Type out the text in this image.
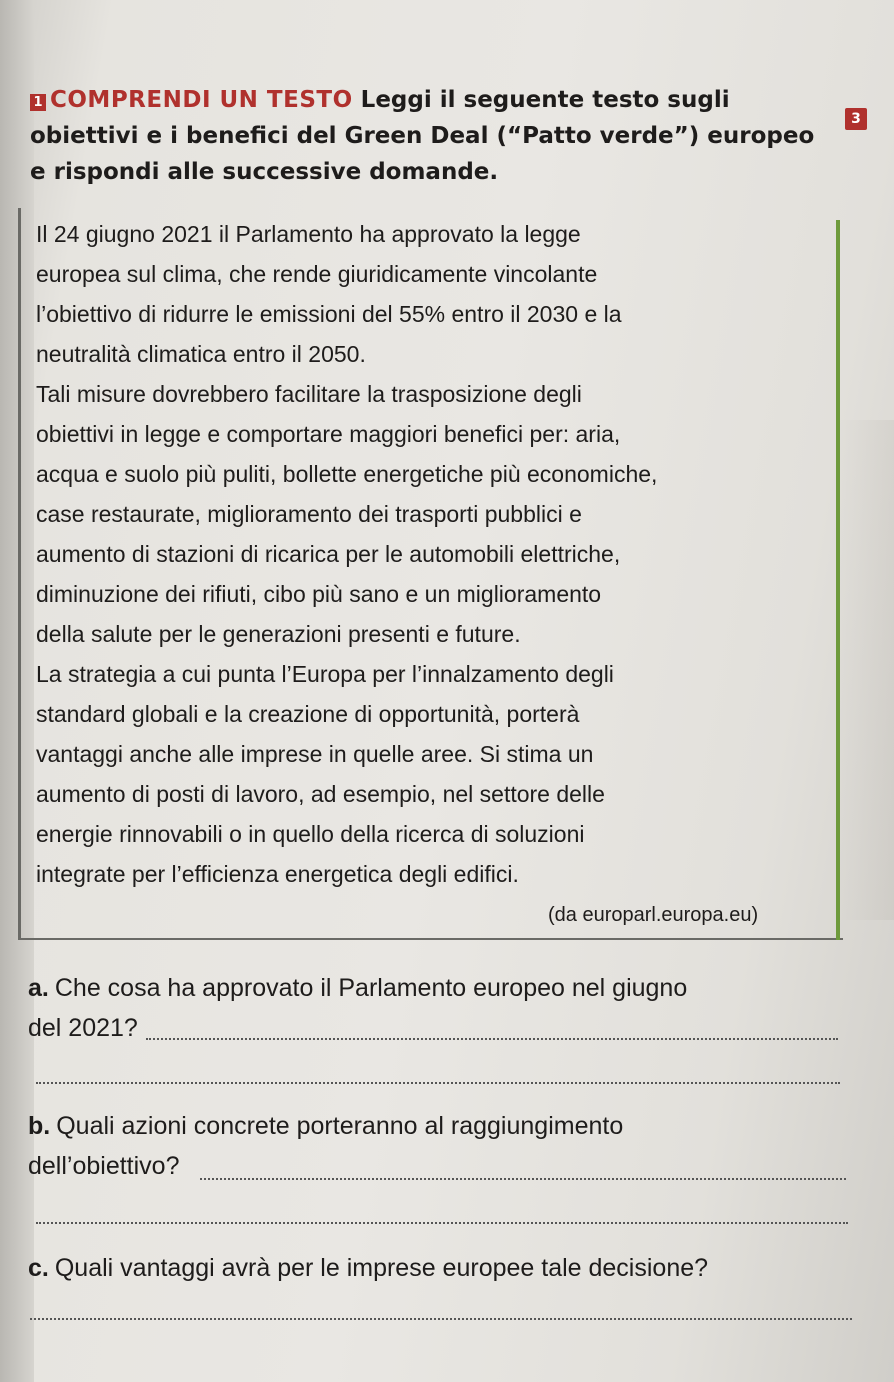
1 COMPRENDI UN TESTO Leggi il seguente testo sugli
obiettivi e i benefici del Green Deal (“Patto verde”) europeo
e rispondi alle successive domande.
3

Il 24 giugno 2021 il Parlamento ha approvato la legge

europea sul clima, che rende giuridicamente vincolante

l’obiettivo di ridurre le emissioni del 55% entro il 2030 e la

neutralità climatica entro il 2050.

Tali misure dovrebbero facilitare la trasposizione degli

obiettivi in legge e comportare maggiori benefici per: aria,

acqua e suolo più puliti, bollette energetiche più economiche,

case restaurate, miglioramento dei trasporti pubblici e

aumento di stazioni di ricarica per le automobili elettriche,

diminuzione dei rifiuti, cibo più sano e un miglioramento

della salute per le generazioni presenti e future.

La strategia a cui punta l’Europa per l’innalzamento degli

standard globali e la creazione di opportunità, porterà

vantaggi anche alle imprese in quelle aree. Si stima un

aumento di posti di lavoro, ad esempio, nel settore delle

energie rinnovabili o in quello della ricerca di soluzioni

integrate per l’efficienza energetica degli edifici.

(da europarl.europa.eu)
a. Che cosa ha approvato il Parlamento europeo nel giugno
del 2021?
b. Quali azioni concrete porteranno al raggiungimento
dell’obiettivo?
c. Quali vantaggi avrà per le imprese europee tale decisione?
